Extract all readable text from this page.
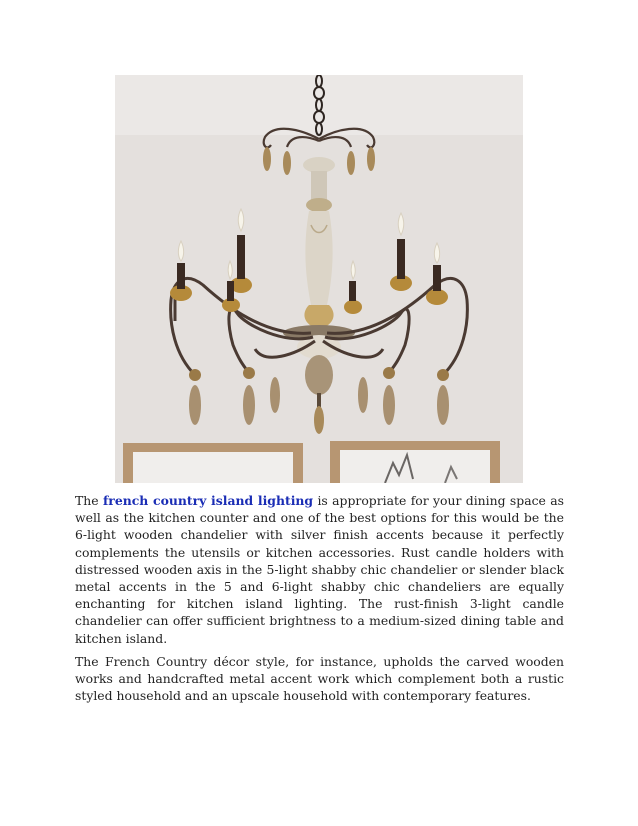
The french country island lighting is appropriate for your dining space as well as the kitchen counter and one of the best options for this would be the 6-light wooden chandelier with silver finish accents because it perfectly complements the utensils or kitchen accessories. Rust candle holders with distressed wooden axis in the 5-light shabby chic chandelier or slender black metal accents in the 5 and 6-light shabby chic chandeliers are equally enchanting for kitchen island lighting. The rust-finish 3-light candle chandelier can offer sufficient brightness to a medium-sized dining table and kitchen island.

The French Country décor style, for instance, upholds the carved wooden works and handcrafted metal accent work which complement both a rustic styled household and an upscale household with contemporary features.
